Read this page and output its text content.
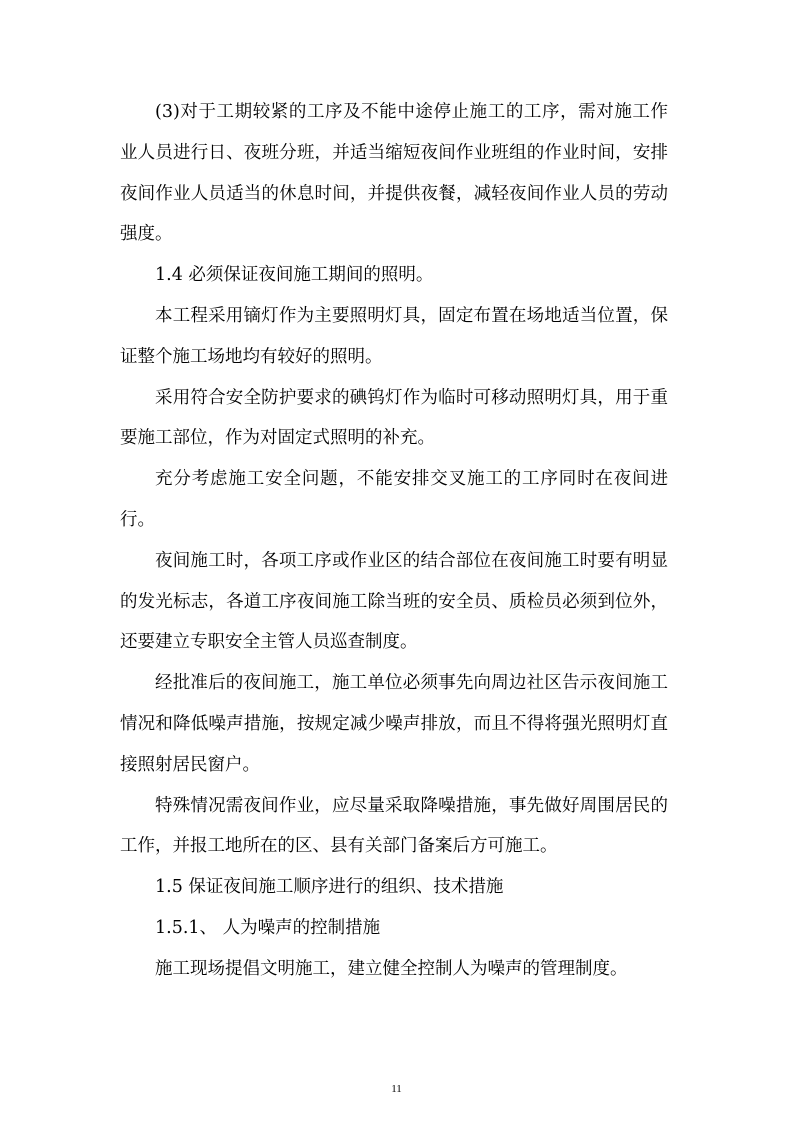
(3)对于工期较紧的工序及不能中途停止施工的工序，需对施工作业人员进行日、夜班分班，并适当缩短夜间作业班组的作业时间，安排夜间作业人员适当的休息时间，并提供夜餐，减轻夜间作业人员的劳动强度。

1.4 必须保证夜间施工期间的照明。

本工程采用镝灯作为主要照明灯具，固定布置在场地适当位置，保证整个施工场地均有较好的照明。

采用符合安全防护要求的碘钨灯作为临时可移动照明灯具，用于重要施工部位，作为对固定式照明的补充。

充分考虑施工安全问题，不能安排交叉施工的工序同时在夜间进行。

夜间施工时，各项工序或作业区的结合部位在夜间施工时要有明显的发光标志，各道工序夜间施工除当班的安全员、质检员必须到位外，还要建立专职安全主管人员巡查制度。

经批准后的夜间施工，施工单位必须事先向周边社区告示夜间施工情况和降低噪声措施，按规定减少噪声排放，而且不得将强光照明灯直接照射居民窗户。

特殊情况需夜间作业，应尽量采取降噪措施，事先做好周围居民的工作，并报工地所在的区、县有关部门备案后方可施工。

1.5 保证夜间施工顺序进行的组织、技术措施

1.5.1、 人为噪声的控制措施

施工现场提倡文明施工，建立健全控制人为噪声的管理制度。

11
